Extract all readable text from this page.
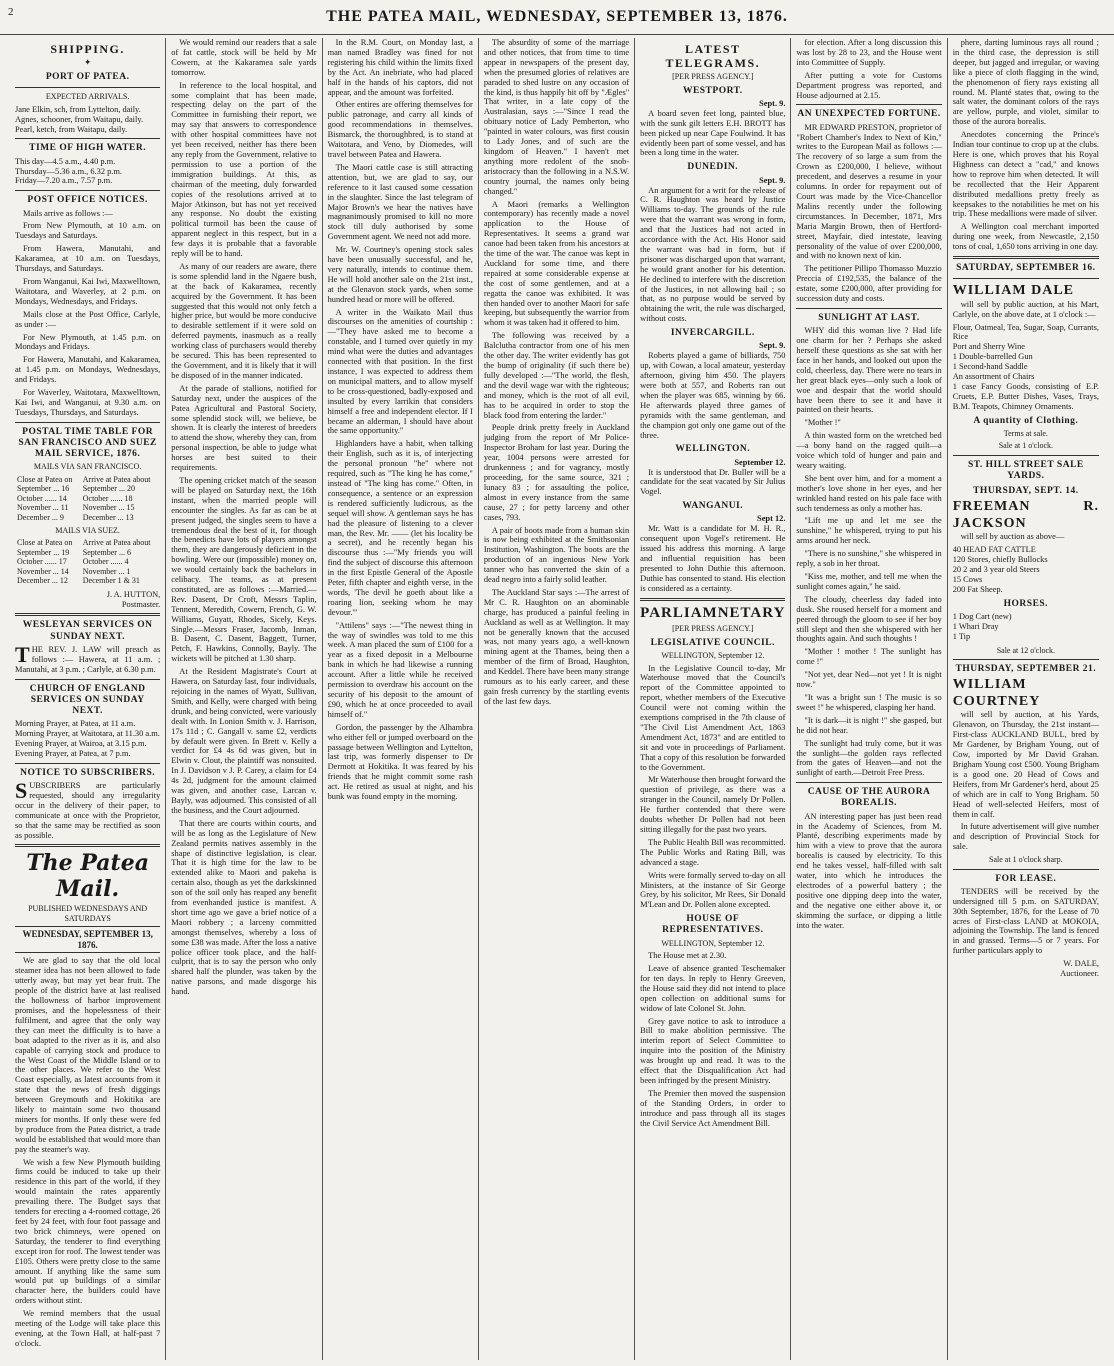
2	THE PATEA MAIL, WEDNESDAY, SEPTEMBER 13, 1876.
SHIPPING.
✦
PORT OF PATEA.
EXPECTED ARRIVALS.
Jane Elkin, sch, from Lyttelton, daily.
Agnes, schooner, from Waitapu, daily.
Pearl, ketch, from Waitapu, daily.
TIME OF HIGH WATER.
This day—4.5 a.m., 4.40 p.m.
Thursday—5.36 a.m., 6.32 p.m.
Friday—7.20 a.m., 7.57 p.m.
POST OFFICE NOTICES.

Mails arrive as follows :—

From New Plymouth, at 10 a.m. on Tuesdays and Saturdays.

From Hawera, Manutahi, and Kakaramea, at 10 a.m. on Tuesdays, Thursdays, and Saturdays.

From Wanganui, Kai Iwi, Maxwelltown, Waitotara, and Waverley, at 2 p.m. on Mondays, Wednesdays, and Fridays.

Mails close at the Post Office, Carlyle, as under :—

For New Plymouth, at 1.45 p.m. on Mondays and Fridays.

For Hawera, Manutahi, and Kakaramea, at 1.45 p.m. on Mondays, Wednesdays, and Fridays.

For Waverley, Waitotara, Maxwelltown, Kai Iwi, and Wanganui, at 9.30 a.m. on Tuesdays, Thursdays, and Saturdays.

POSTAL TIME TABLE FOR SAN FRANCISCO AND SUEZ MAIL SERVICE, 1876.
MAILS VIA SAN FRANCISCO.
Close at Patea on	Arrive at Patea about
September ... 16	September ... 20
October ...... 14	October ...... 18
November ... 11	November ... 15
December ... 9	December ... 13
MAILS VIA SUEZ.
Close at Patea on	Arrive at Patea about
September ... 19	September ... 6
October ...... 17	October ...... 4
November ... 14	November ... 1
December ... 12	December 1 & 31
J. A. HUTTON,
Postmaster.
WESLEYAN SERVICES ON SUNDAY NEXT.

THE REV. J. LAW will preach as follows :— Hawera, at 11 a.m. ; Manutahi, at 3 p.m. ; Carlyle, at 6.30 p.m.

CHURCH OF ENGLAND SERVICES ON SUNDAY NEXT.
Morning Prayer, at Patea, at 11 a.m.
Morning Prayer, at Waitotara, at 11.30 a.m.
Evening Prayer, at Wairoa, at 3.15 p.m.
Evening Prayer, at Patea, at 7 p.m.
NOTICE TO SUBSCRIBERS.

SUBSCRIBERS are particularly requested, should any irregularity occur in the delivery of their paper, to communicate at once with the Proprietor, so that the same may be rectified as soon as possible.

The Patea Mail.
PUBLISHED WEDNESDAYS AND SATURDAYS
WEDNESDAY, SEPTEMBER 13, 1876.

We are glad to say that the old local steamer idea has not been allowed to fade utterly away, but may yet bear fruit. The people of the district have at last realised the hollowness of harbor improvement promises, and the hopelessness of their fulfilment, and agree that the only way they can meet the difficulty is to have a boat adapted to the river as it is, and also capable of carrying stock and produce to the West Coast of the Middle Island or to the other places. We refer to the West Coast especially, as latest accounts from it state that the news of fresh diggings between Greymouth and Hokitika are likely to maintain some two thousand miners for months. If only these were fed by produce from the Patea district, a trade would be established that would more than pay the steamer's way.

We wish a few New Plymouth building firms could be induced to take up their residence in this part of the world, if they would maintain the rates apparently prevailing there. The Budget says that tenders for erecting a 4-roomed cottage, 26 feet by 24 feet, with four foot passage and two brick chimneys, were opened on Saturday, the tenderer to find everything except iron for roof. The lowest tender was £105. Others were pretty close to the same amount. If anything like the same sum would put up buildings of a similar character here, the builders could have orders without stint.

We remind members that the usual meeting of the Lodge will take place this evening, at the Town Hall, at half-past 7 o'clock.

We would remind our readers that a sale of fat cattle, stock will be held by Mr Cowern, at the Kakaramea sale yards tomorrow.

In reference to the local hospital, and some complaint that has been made, respecting delay on the part of the Committee in furnishing their report, we may say that answers to correspondence with other hospital committees have not yet been received, neither has there been any reply from the Government, relative to permission to use a portion of the immigration buildings. At this, as chairman of the meeting, duly forwarded copies of the resolutions arrived at to Major Atkinson, but has not yet received any response. No doubt the existing political turmoil has been the cause of apparent neglect in this respect, but in a few days it is probable that a favorable reply will be to hand.

As many of our readers are aware, there is some splendid land in the Ngaere bush, at the back of Kakaramea, recently acquired by the Government. It has been suggested that this would not only fetch a higher price, but would be more conducive to desirable settlement if it were sold on deferred payments, inasmuch as a really working class of purchasers would thereby be secured. This has been represented to the Government, and it is likely that it will be disposed of in the manner indicated.

At the parade of stallions, notified for Saturday next, under the auspices of the Patea Agricultural and Pastoral Society, some splendid stock will, we believe, be shown. It is clearly the interest of breeders to attend the show, whereby they can, from personal inspection, be able to judge what horses are best suited to their requirements.

The opening cricket match of the season will be played on Saturday next, the 16th instant, when the married people will encounter the singles. As far as can be at present judged, the singles seem to have a tremendous deal the best of it, for though the benedicts have lots of players amongst them, they are dangerously deficient in the bowling. Were our (impossible) money on, we would certainly back the bachelors in celibacy. The teams, as at present constituted, are as follows :—Married.—Rev. Dasent, Dr Croft, Messrs Taplin, Tennent, Meredith, Cowern, French, G. W. Williams, Guyatt, Rhodes, Sicely, Keys. Single.—Messrs Fraser, Jacomb, Inman, B. Dasent, C. Dasent, Baggett, Turner, Petch, F. Hawkins, Connolly, Bayly. The wickets will be pitched at 1.30 sharp.

At the Resident Magistrate's Court at Hawera, on Saturday last, four individuals, rejoicing in the names of Wyatt, Sullivan, Smith, and Kelly, were charged with being drunk, and being convicted, were variously dealt with. In Lonion Smith v. J. Harrison, 17s 11d ; C. Gangall v. same £2, verdicts by default were given. In Brett v. Kelly a verdict for £4 4s 6d was given, but in Elwin v. Clout, the plaintiff was nonsuited. In J. Davidson v J. P. Carey, a claim for £4 4s 2d, judgment for the amount claimed was given, and another case, Larcan v. Bayly, was adjourned. This consisted of all the business, and the Court adjourned.

That there are courts within courts, and will be as long as the Legislature of New Zealand permits natives assembly in the shape of distinctive legislation, is clear. That it is high time for the law to be extended alike to Maori and pakeha is certain also, though as yet the darkskinned son of the soil only has reaped any benefit from evenhanded justice is manifest. A short time ago we gave a brief notice of a Maori robbery ; a larceny committed amongst themselves, whereby a loss of some £38 was made. After the loss a native police officer took place, and the half-culprit, that is to say the person who only shared half the plunder, was taken by the native parsons, and made disgorge his hand.

In the R.M. Court, on Monday last, a man named Bradley was fined for not registering his child within the limits fixed by the Act. An inebriate, who had placed half in the hands of his captors, did not appear, and the amount was forfeited.

Other entires are offering themselves for public patronage, and carry all kinds of good recommendations in themselves. Bismarck, the thoroughbred, is to stand at Waitotara, and Veno, by Diomedes, will travel between Patea and Hawera.

The Maori cattle case is still attracting attention, but, we are glad to say, our reference to it last caused some cessation in the slaughter. Since the last telegram of Major Brown's we hear the natives have magnanimously promised to kill no more stock till duly authorised by some Government agent. We need not add more.

Mr. W. Courtney's opening stock sales have been unusually successful, and he, very naturally, intends to continue them. He will hold another sale on the 21st inst., at the Glenavon stock yards, when some hundred head or more will be offered.

A writer in the Waikato Mail thus discourses on the amenities of courtship :—"They have asked me to become a constable, and I turned over quietly in my mind what were the duties and advantages connected with that position. In the first instance, I was expected to address them on municipal matters, and to allow myself to be cross-questioned, badly-exposed and insulted by every larrikin that considers himself a free and independent elector. If I became an alderman, I should have about the same opportunity."

Highlanders have a habit, when talking their English, such as it is, of interjecting the personal pronoun "he" where not required, such as "The king he has come," instead of "The king has come." Often, in consequence, a sentence or an expression is rendered sufficiently ludicrous, as the sequel will show. A gentleman says he has had the pleasure of listening to a clever man, the Rev. Mr. —— (let his locality be a secret), and he recently began his discourse thus :—"My friends you will find the subject of discourse this afternoon in the first Epistle General of the Apostle Peter, fifth chapter and eighth verse, in the words, 'The devil he goeth about like a roaring lion, seeking whom he may devour.'"

"Attilens" says :—"The newest thing in the way of swindles was told to me this week. A man placed the sum of £100 for a year as a fixed deposit in a Melbourne bank in which he had likewise a running account. After a little while he received permission to overdraw his account on the security of his deposit to the amount of £90, which he at once proceeded to avail himself of."

Gordon, the passenger by the Alhambra who either fell or jumped overboard on the passage between Wellington and Lyttelton, last trip, was formerly dispenser to Dr Dermott at Hokitika. It was feared by his friends that he might commit some rash act. He retired as usual at night, and his bunk was found empty in the morning.

The absurdity of some of the marriage and other notices, that from time to time appear in newspapers of the present day, when the presumed glories of relatives are paraded to shed lustre on any occasion of the kind, is thus happily hit off by "Ægles" That writer, in a late copy of the Australasian, says :—"Since I read the obituary notice of Lady Pemberton, who "painted in water colours, was first cousin to Lady Jones, and of such are the kingdom of Heaven." I haven't met anything more redolent of the snob-aristocracy than the following in a N.S.W. country journal, the names only being changed."

A Maori (remarks a Wellington contemporary) has recently made a novel application to the House of Representatives. It seems a grand war canoe had been taken from his ancestors at the time of the war. The canoe was kept in Auckland for some time, and there repaired at some considerable expense at the cost of some gentlemen, and at a regatta the canoe was exhibited. It was then handed over to another Maori for safe keeping, but subsequently the warrior from whom it was taken had it offered to him.

The following was received by a Balclutha contractor from one of his men the other day. The writer evidently has got the bump of originality (if such there be) fully developed :—"The world, the flesh, and the devil wage war with the righteous; and money, which is the root of all evil, has to be acquired in order to stop the black food from entering the larder."

People drink pretty freely in Auckland judging from the report of Mr Police-Inspector Broham for last year. During the year, 1004 persons were arrested for drunkenness ; and for vagrancy, mostly proceeding, for the same source, 321 ; lunacy 83 ; for assaulting the police, almost in every instance from the same cause, 27 ; for petty larceny and other cases, 793.

A pair of boots made from a human skin is now being exhibited at the Smithsonian Institution, Washington. The boots are the production of an ingenious New York tanner who has converted the skin of a dead negro into a fairly solid leather.

The Auckland Star says :—The arrest of Mr C. R. Haughton on an abominable charge, has produced a painful feeling in Auckland as well as at Wellington. It may not be generally known that the accused was, not many years ago, a well-known mining agent at the Thames, being then a member of the firm of Broad, Haughton, and Keddel. There have been many strange rumours as to his early career, and these gain fresh currency by the startling events of the last few days.

LATEST TELEGRAMS.
[PER PRESS AGENCY.]
WESTPORT.
Sept. 9.

A board seven feet long, painted blue, with the sunk gilt letters E.H. BROTT has been picked up near Cape Foulwind. It has evidently been part of some vessel, and has been a long time in the water.

DUNEDIN.
Sept. 9.

An argument for a writ for the release of C. R. Haughton was heard by Justice Williams to-day. The grounds of the rule were that the warrant was wrong in form, and that the Justices had not acted in accordance with the Act. His Honor said the warrant was bad in form, but if prisoner was discharged upon that warrant, he would grant another for his detention. He declined to interfere with the discretion of the Justices, in not allowing bail ; so that, as no purpose would be served by obtaining the writ, the rule was discharged, without costs.

INVERCARGILL.
Sept. 9.

Roberts played a game of billiards, 750 up, with Cowan, a local amateur, yesterday afternoon, giving him 450. The players were both at 557, and Roberts ran out when the player was 685, winning by 66. He afterwards played three games of pyramids with the same gentleman, and the champion got only one game out of the three.

WELLINGTON.
September 12.

It is understood that Dr. Buller will be a candidate for the seat vacated by Sir Julius Vogel.

WANGANUI.
Sept 12.

Mr. Watt is a candidate for M. H. R., consequent upon Vogel's retirement. He issued his address this morning. A large and influential requisition has been presented to John Duthie this afternoon. Duthie has consented to stand. His election is considered as a certainty.

PARLIAMNETARY
[PER PRESS AGENCY.]
LEGISLATIVE COUNCIL.
WELLINGTON, September 12.

In the Legislative Council to-day, Mr Waterhouse moved that the Council's report of the Committee appointed to report, whether members of the Executive Council were not coming within the exemptions comprised in the 7th clause of "The Civil List Amendment Act, 1863 Amendment Act, 1873" and are entitled to sit and vote in proceedings of Parliament. That a copy of this resolution be forwarded to the Government.

Mr Waterhouse then brought forward the question of privilege, as there was a stranger in the Council, namely Dr Pollen. He further contended that there were doubts whether Dr Pollen had not been sitting illegally for the past two years.

The Public Health Bill was recommitted. The Public Works and Rating Bill, was advanced a stage.

Writs were formally served to-day on all Ministers, at the instance of Sir George Grey, by his solicitor, Mr Rees, Sir Donald M'Lean and Dr. Pollen alone excepted.

HOUSE OF REPRESENTATIVES.
WELLINGTON, September 12.

The House met at 2.30.

Leave of absence granted Teschemaker for ten days. In reply to Henry Greeven, the House said they did not intend to place open collection on additional sums for widow of late Colonel St. John.

Grey gave notice to ask to introduce a Bill to make abolition permissive. The interim report of Select Committee to inquire into the position of the Ministry was brought up and read. It was to the effect that the Disqualification Act had been infringed by the present Ministry.

The Premier then moved the suspension of the Standing Orders, in order to introduce and pass through all its stages the Civil Service Act Amendment Bill.

for election. After a long discussion this was lost by 28 to 23, and the House went into Committee of Supply.

After putting a vote for Customs Department progress was reported, and House adjourned at 2.15.

AN UNEXPECTED FORTUNE.

MR EDWARD PRESTON, proprietor of "Robert Chamber's Index to Next of Kin," writes to the European Mail as follows :—The recovery of so large a sum from the Crown as £200,000, I believe, without precedent, and deserves a resume in your columns. In order for repayment out of Court was made by the Vice-Chancellor Malins recently under the following circumstances. In December, 1871, Mrs Maria Margin Brown, then of Hertford-street, Mayfair, died intestate, leaving personality of the value of over £200,000, and with no known next of kin.

The petitioner Pillipo Thomasso Muzzio Preccia of £192,535, the balance of the estate, some £200,000, after providing for succession duty and costs.

SUNLIGHT AT LAST.

WHY did this woman live ? Had life one charm for her ? Perhaps she asked herself these questions as she sat with her face in her hands, and looked out upon the cold, cheerless, day. There were no tears in her great black eyes—only such a look of woe and despair that the world should have been there to see it and have it painted on their hearts.

"Mother !"

A thin wasted form on the wretched bed—a bony hand on the ragged quilt—a voice which told of hunger and pain and weary waiting.

She bent over him, and for a moment a mother's love shone in her eyes, and her wrinkled hand rested on his pale face with such tenderness as only a mother has.

"Lift me up and let me see the sunshine," he whispered, trying to put his arms around her neck.

"There is no sunshine," she whispered in reply, a sob in her throat.

"Kiss me, mother, and tell me when the sunlight comes again," he said.

The cloudy, cheerless day faded into dusk. She roused herself for a moment and peered through the gloom to see if her boy still slept and then she whispered with her thoughts again. And such thoughts !

"Mother ! mother ! The sunlight has come !"

"Not yet, dear Ned—not yet ! It is night now."

"It was a bright sun ! The music is so sweet !" he whispered, clasping her hand.

"It is dark—it is night !" she gasped, but he did not hear.

The sunlight had truly come, but it was the sunlight—the golden rays reflected from the gates of Heaven—and not the sunlight of earth.—Detroit Free Press.

CAUSE OF THE AURORA BOREALIS.

AN interesting paper has just been read in the Academy of Sciences, from M. Planté, describing experiments made by him with a view to prove that the aurora borealis is caused by electricity. To this end he takes vessel, half-filled with salt water, into which he introduces the electrodes of a powerful battery ; the positive one dipping deep into the water, and the negative one either above it, or skimming the surface, or dipping a little into the water.

phere, darting luminous rays all round ; in the third case, the depression is still deeper, but jagged and irregular, or waving like a piece of cloth flagging in the wind, the phenomenon of fiery rays existing all round. M. Planté states that, owing to the salt water, the dominant colors of the rays are yellow, purple, and violet, similar to those of the aurora borealis.

Anecdotes concerning the Prince's Indian tour continue to crop up at the clubs. Here is one, which proves that his Royal Highness can detect a "cad," and knows how to reprove him when detected. It will be recollected that the Heir Apparent distributed medallions pretty freely as keepsakes to the notabilities he met on his trip. These medallions were made of silver.

A Wellington coal merchant imported during one week, from Newcastle, 2,150 tons of coal, 1,650 tons arriving in one day.

SATURDAY, SEPTEMBER 16.
WILLIAM DALE

will sell by public auction, at his Mart, Carlyle, on the above date, at 1 o'clock :—

Flour, Oatmeal, Tea, Sugar, Soap, Currants, Rice
Port and Sherry Wine
1 Double-barrelled Gun
1 Second-hand Saddle
An assortment of Chairs
1 case Fancy Goods, consisting of E.P. Cruets, E.P. Butter Dishes, Vases, Trays, B.M. Teapots, Chimney Ornaments.
A quantity of Clothing.
Terms at sale.
Sale at 1 o'clock.
ST. HILL STREET SALE YARDS.
THURSDAY, SEPT. 14.
FREEMAN R. JACKSON

will sell by auction as above—

40 HEAD FAT CATTLE
120 Stores, chiefly Bullocks
20 2 and 3 year old Steers
15 Cows
200 Fat Sheep.
HORSES.
1 Dog Cart (new)
1 Whari Dray
1 Tip
Sale at 12 o'clock.
THURSDAY, SEPTEMBER 21.
WILLIAM COURTNEY

will sell by auction, at his Yards, Glenavon, on Thursday, the 21st instant— First-class AUCKLAND BULL, bred by Mr Gardener, by Brigham Young, out of Cow, imported by Mr David Grahan. Brigham Young cost £500. Young Brigham is a good one. 20 Head of Cows and Heifers, from Mr Gardener's herd, about 25 of which are in calf to Yong Brigham. 50 Head of well-selected Heifers, most of them in calf.

In future advertisement will give number and description of Provincial Stock for sale.

Sale at 1 o'clock sharp.
FOR LEASE.

TENDERS will be received by the undersigned till 5 p.m. on SATURDAY, 30th September, 1876, for the Lease of 70 acres of First-class LAND at MOKOIA, adjoining the Township. The land is fenced in and grassed. Terms—5 or 7 years. For further particulars apply to

W. DALE,
Auctioneer.
